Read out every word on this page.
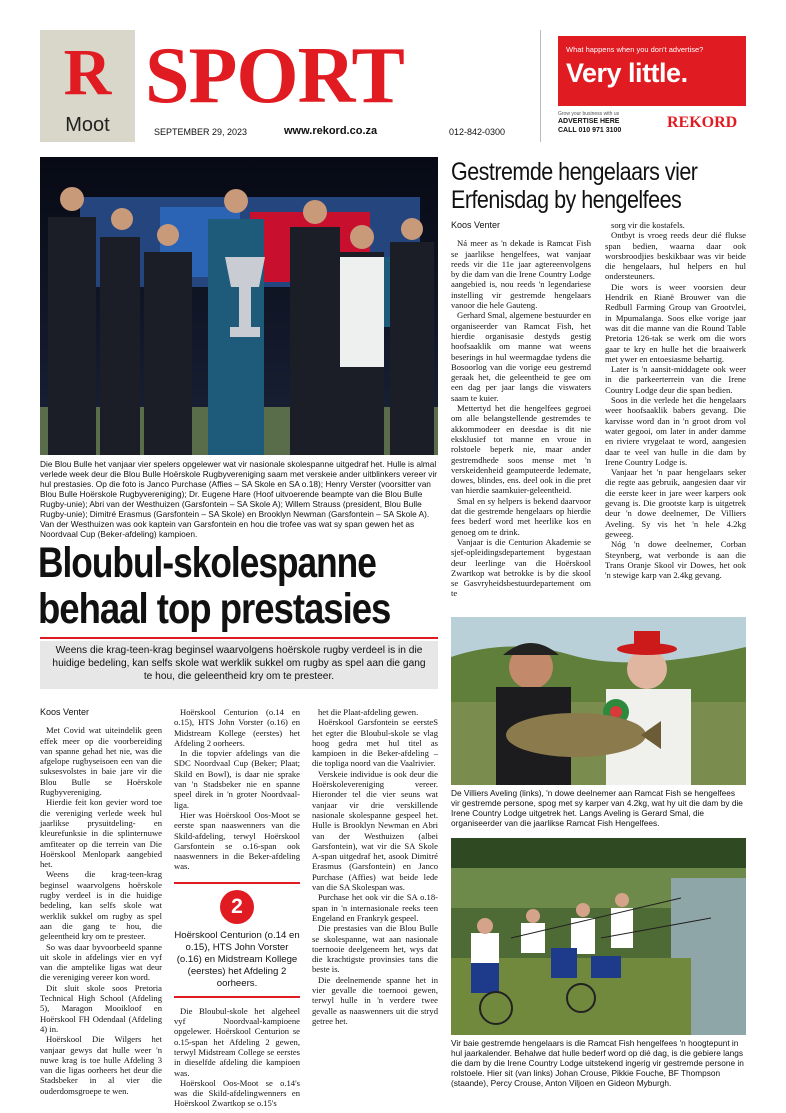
R
Moot
SPORT
SEPTEMBER 29, 2023	www.rekord.co.za	012-842-0300
What happens when you don't advertise?
Very little.
Grow your business with us
ADVERTISE HERE
CALL 010 971 3100	REKORD
Die Blou Bulle het vanjaar vier spelers opgelewer wat vir nasionale skolespanne uitgedraf het. Hulle is almal verlede week deur die Blou Bulle Hoërskole Rugbyvereniging saam met verskeie ander uitblinkers vereer vir hul prestasies. Op die foto is Janco Purchase (Affies – SA Skole en SA o.18); Henry Verster (voorsitter van Blou Bulle Hoërskole Rugbyvereniging); Dr. Eugene Hare (Hoof uitvoerende beampte van die Blou Bulle Rugby-unie); Abri van der Westhuizen (Garsfontein – SA Skole A); Willem Strauss (president, Blou Bulle Rugby-unie); Dimitré Erasmus (Garsfontein – SA Skole) en Brooklyn Newman (Garsfontein – SA Skole A). Van der Westhuizen was ook kaptein van Garsfontein en hou die trofee vas wat sy span gewen het as Noordvaal Cup (Beker-afdeling) kampioen.
Bloubul-skolespanne
behaal top prestasies
Weens die krag-teen-krag beginsel waarvolgens hoërskole rugby verdeel is in die huidige bedeling, kan selfs skole wat werklik sukkel om rugby as spel aan die gang te hou, die geleentheid kry om te presteer.

Koos Venter

Met Covid wat uiteindelik geen effek meer op die voorbereiding van spanne gehad het nie, was die afgelope rugbyseisoen een van die suksesvolstes in baie jare vir die Blou Bulle se Hoërskole Rugbyvereniging.

Hierdie feit kon gevier word toe die vereniging verlede week hul jaarlikse prysuitdeling- en kleurefunksie in die splinternuwe amfiteater op die terrein van Die Hoërskool Menlopark aangebied het.

Weens die krag-teen-krag beginsel waarvolgens hoërskole rugby verdeel is in die huidige bedeling, kan selfs skole wat werklik sukkel om rugby as spel aan die gang te hou, die geleentheid kry om te presteer.

So was daar byvoorbeeld spanne uit skole in afdelings vier en vyf van die amptelike ligas wat deur die vereniging vereer kon word.

Dit sluit skole soos Pretoria Technical High School (Afdeling 5), Maragon Mooikloof en Hoërskool FH Odendaal (Afdeling 4) in.

Hoërskool Die Wilgers het vanjaar gewys dat hulle weer 'n nuwe krag is toe hulle Afdeling 3 van die ligas oorheers het deur die Stadsbeker in al vier die ouderdomsgroepe te wen.

Hoërskool Centurion (o.14 en o.15), HTS John Vorster (o.16) en Midstream Kollege (eerstes) het Afdeling 2 oorheers.

In die topvier afdelings van die SDC Noordvaal Cup (Beker; Plaat; Skild en Bowl), is daar nie sprake van 'n Stadsbeker nie en spanne speel direk in 'n groter Noordvaal-liga.

Hier was Hoërskool Oos-Moot se eerste span naaswenners van die Skild-afdeling, terwyl Hoërskool Garsfontein se o.16-span ook naaswenners in die Beker-afdeling was.

2
Hoërskool Centurion (o.14 en o.15), HTS John Vorster (o.16) en Midstream Kollege (eerstes) het Afdeling 2 oorheers.

Die Bloubul-skole het algeheel vyf Noordvaal-kampioene opgelewer. Hoërskool Centurion se o.15-span het Afdeling 2 gewen, terwyl Midstream College se eerstes in dieselfde afdeling die kampioen was.

Hoërskool Oos-Moot se o.14's was die Skild-afdelingwenners en Hoërskool Zwartkop se o.15's

het die Plaat-afdeling gewen.

Hoërskool Garsfontein se eersteS het egter die Bloubul-skole se vlag hoog gedra met hul titel as kampioen in die Beker-afdeling – die topliga noord van die Vaalrivier.

Verskeie individue is ook deur die Hoërskolevereniging vereer. Hieronder tel die vier seuns wat vanjaar vir drie verskillende nasionale skolespanne gespeel het. Hulle is Brooklyn Newman en Abri van der Westhuizen (albei Garsfontein), wat vir die SA Skole A-span uitgedraf het, asook Dimitré Erasmus (Garsfontein) en Janco Purchase (Affies) wat beide lede van die SA Skolespan was.

Purchase het ook vir die SA o.18-span in 'n internasionale reeks teen Engeland en Frankryk gespeel.

Die prestasies van die Blou Bulle se skolespanne, wat aan nasionale toernooie deelgeneem het, wys dat die krachtigste provinsies tans die beste is.

Die deelnemende spanne het in vier gevalle die toernooi gewen, terwyl hulle in 'n verdere twee gevalle as naaswenners uit die stryd getree het.

Gestremde hengelaars vier
Erfenisdag by hengelfees

Koos Venter

Ná meer as 'n dekade is Ramcat Fish se jaarlikse hengelfees, wat vanjaar reeds vir die 11e jaar agtereenvolgens by die dam van die Irene Country Lodge aangebied is, nou reeds 'n legendariese instelling vir gestremde hengelaars vanoor die hele Gauteng.

Gerhard Smal, algemene bestuurder en organiseerder van Ramcat Fish, het hierdie organisasie destyds gestig hoofsaaklik om manne wat weens beserings in hul weermagdae tydens die Bosoorlog van die vorige eeu gestremd geraak het, die geleentheid te gee om een dag per jaar langs die viswaters saam te kuier.

Mettertyd het die hengelfees gegroei om alle belangstellende gestremdes te akkommodeer en deesdae is dit nie eksklusief tot manne en vroue in rolstoele beperk nie, maar ander gestremdhede soos mense met 'n verskeidenheid geamputeerde ledemate, dowes, blindes, ens. deel ook in die pret van hierdie saamkuier-geleentheid.

Smal en sy helpers is bekend daarvoor dat die gestremde hengelaars op hierdie fees bederf word met heerlike kos en genoeg om te drink.

Vanjaar is die Centurion Akademie se sjef-opleidingsdepartement bygestaan deur leerlinge van die Hoërskool Zwartkop wat betrokke is by die skool se Gasvryheidsbestuurdepartement om te

sorg vir die kostafels.

Ontbyt is vroeg reeds deur dié flukse span bedien, waarna daar ook worsbroodjies beskikbaar was vir beide die hengelaars, hul helpers en hul ondersteuners.

Die wors is weer voorsien deur Hendrik en Rianë Brouwer van die Redbull Farming Group van Grootvlei, in Mpumalanga. Soos elke vorige jaar was dit die manne van die Round Table Pretoria 126-tak se werk om die wors gaar te kry en hulle het die braaiwerk met ywer en entoesiasme behartig.

Later is 'n aansit-middagete ook weer in die parkeerterrein van die Irene Country Lodge deur die span bedien.

Soos in die verlede het die hengelaars weer hoofsaaklik babers gevang. Die karvisse word dan in 'n groot drom vol water gegooi, om later in ander damme en riviere vrygelaat te word, aangesien daar te veel van hulle in die dam by Irene Country Lodge is.

Vanjaar het 'n paar hengelaars seker die regte aas gebruik, aangesien daar vir die eerste keer in jare weer karpers ook gevang is. Die grootste karp is uitgetrek deur 'n dowe deelnemer, De Villiers Aveling. Sy vis het 'n hele 4.2kg geweeg.

Nóg 'n dowe deelnemer, Corban Steynberg, wat verbonde is aan die Trans Oranje Skool vir Dowes, het ook 'n stewige karp van 2.4kg gevang.

De Villiers Aveling (links), 'n dowe deelnemer aan Ramcat Fish se hengelfees vir gestremde persone, spog met sy karper van 4.2kg, wat hy uit die dam by die Irene Country Lodge uitgetrek het. Langs Aveling is Gerard Smal, die organiseerder van die jaarlikse Ramcat Fish Hengelfees.
Vir baie gestremde hengelaars is die Ramcat Fish hengelfees 'n hoogtepunt in hul jaarkalender. Behalwe dat hulle bederf word op dié dag, is die gebiere langs die dam by die Irene Country Lodge uitstekend ingerig vir gestremde persone in rolstoele. Hier sit (van links) Johan Crouse, Pikkie Fouche, BF Thompson (staande), Percy Crouse, Anton Viljoen en Gideon Myburgh.
